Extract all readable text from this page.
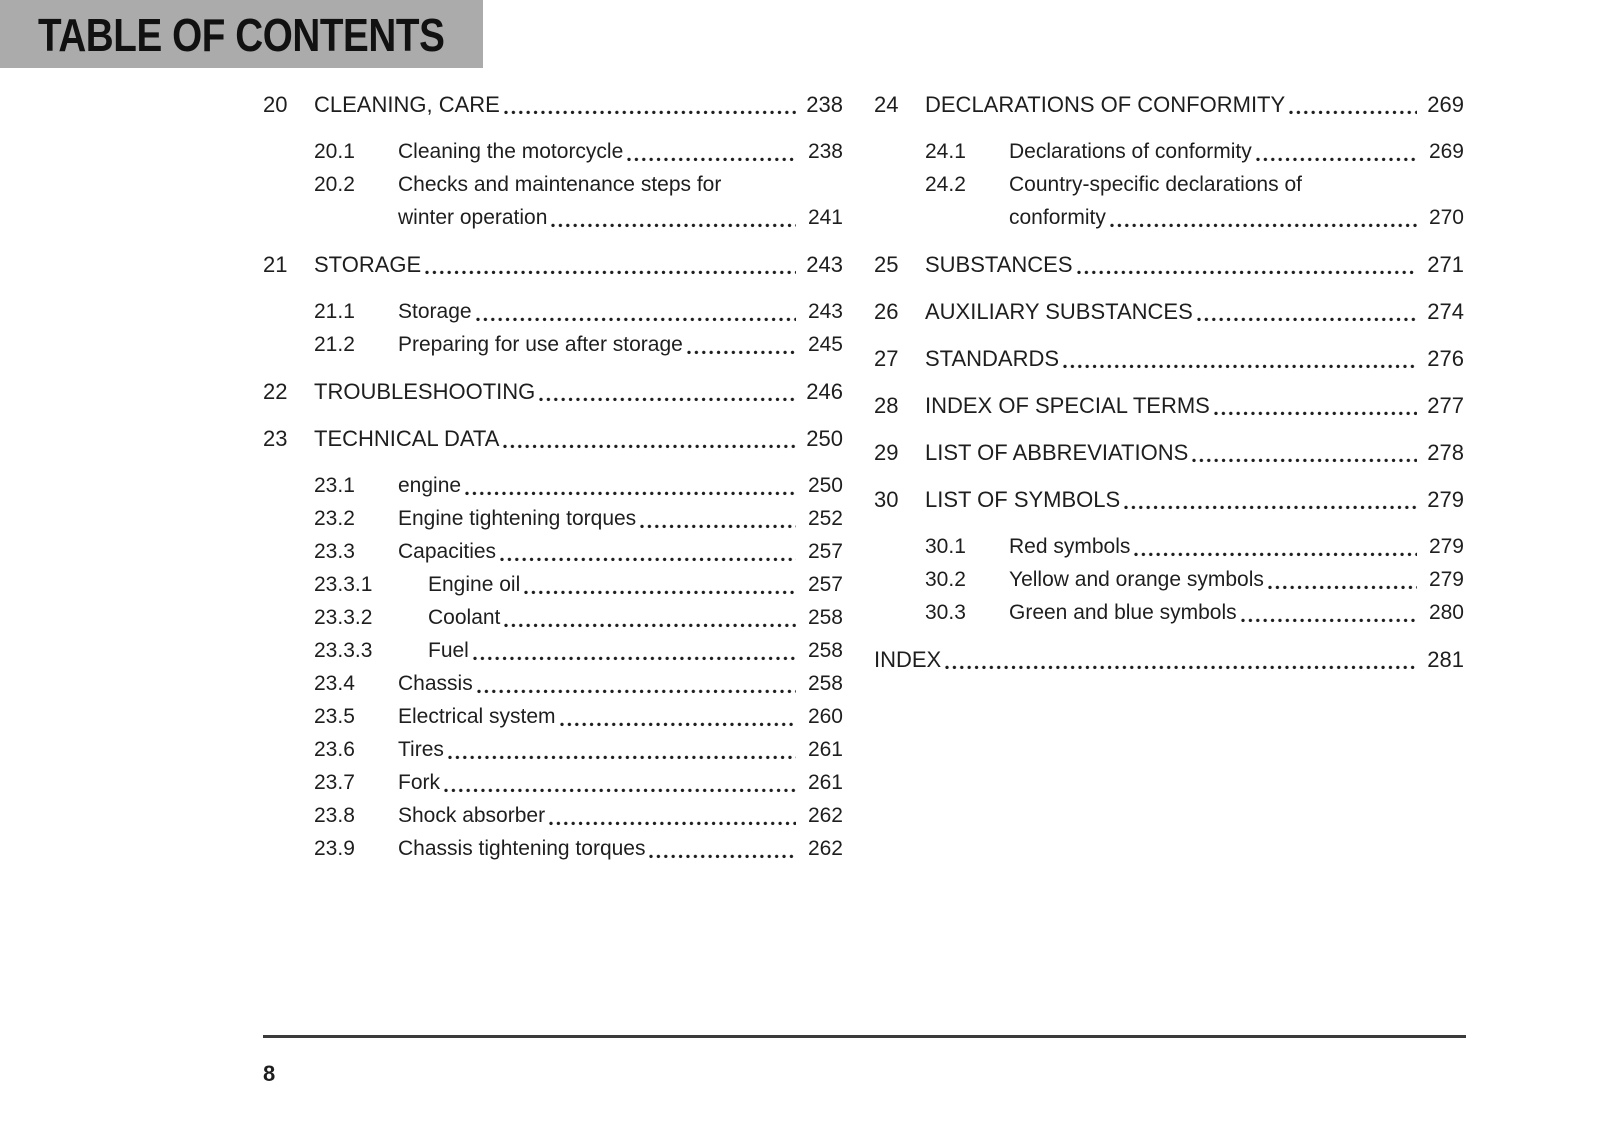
TABLE OF CONTENTS
20	CLEANING, CARE	238
20.1	Cleaning the motorcycle	238
20.2	Checks and maintenance steps for
winter operation	241
21	STORAGE	243
21.1	Storage	243
21.2	Preparing for use after storage	245
22	TROUBLESHOOTING	246
23	TECHNICAL DATA	250
23.1	engine	250
23.2	Engine tightening torques	252
23.3	Capacities	257
23.3.1	Engine oil	257
23.3.2	Coolant	258
23.3.3	Fuel	258
23.4	Chassis	258
23.5	Electrical system	260
23.6	Tires	261
23.7	Fork	261
23.8	Shock absorber	262
23.9	Chassis tightening torques	262
24	DECLARATIONS OF CONFORMITY	269
24.1	Declarations of conformity	269
24.2	Country-specific declarations of
conformity	270
25	SUBSTANCES	271
26	AUXILIARY SUBSTANCES	274
27	STANDARDS	276
28	INDEX OF SPECIAL TERMS	277
29	LIST OF ABBREVIATIONS	278
30	LIST OF SYMBOLS	279
30.1	Red symbols	279
30.2	Yellow and orange symbols	279
30.3	Green and blue symbols	280
INDEX	281
8
